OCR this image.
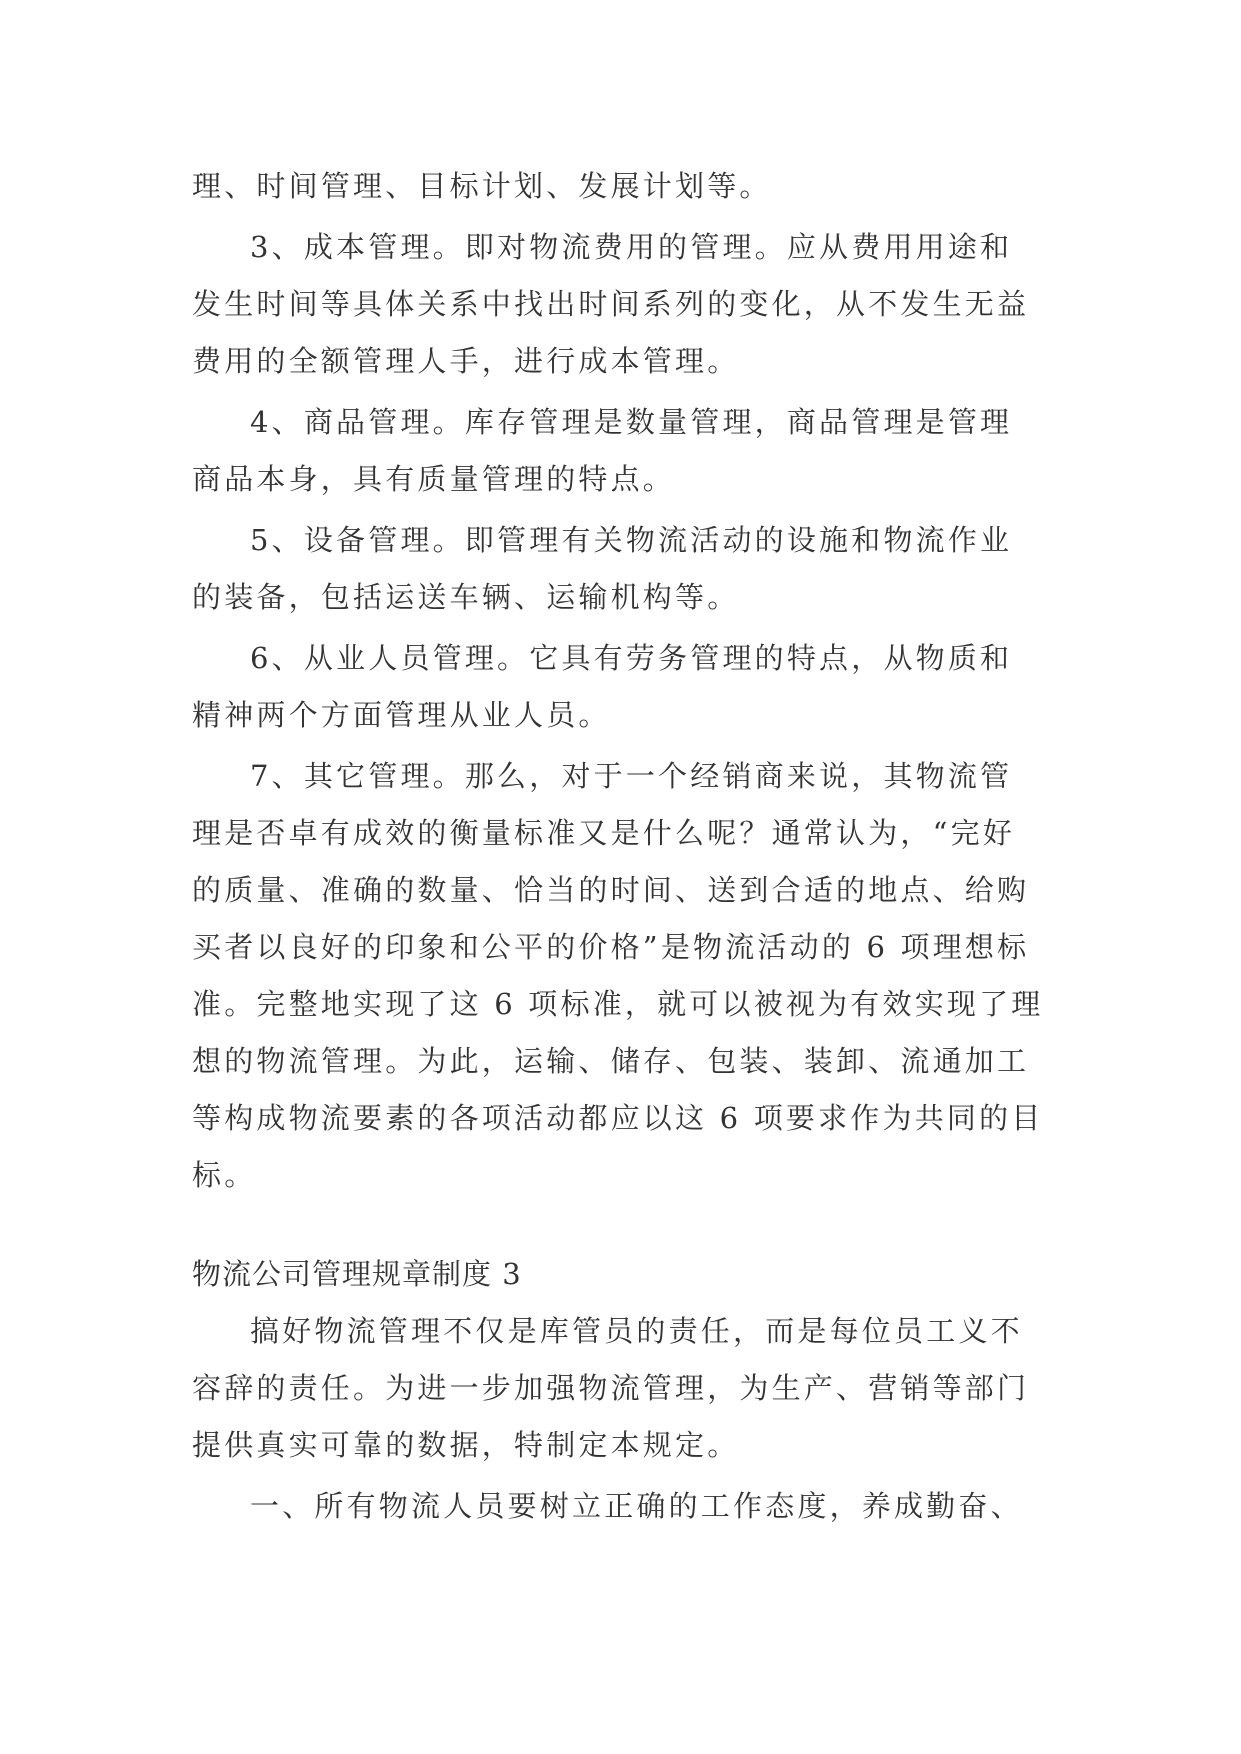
理、时间管理、目标计划、发展计划等。
3、成本管理。即对物流费用的管理。应从费用用途和
发生时间等具体关系中找出时间系列的变化，从不发生无益
费用的全额管理人手，进行成本管理。
4、商品管理。库存管理是数量管理，商品管理是管理
商品本身，具有质量管理的特点。
5、设备管理。即管理有关物流活动的设施和物流作业
的装备，包括运送车辆、运输机构等。
6、从业人员管理。它具有劳务管理的特点，从物质和
精神两个方面管理从业人员。
7、其它管理。那么，对于一个经销商来说，其物流管
理是否卓有成效的衡量标准又是什么呢？通常认为，“完好
的质量、准确的数量、恰当的时间、送到合适的地点、给购
买者以良好的印象和公平的价格”是物流活动的 6 项理想标
准。完整地实现了这 6 项标准，就可以被视为有效实现了理
想的物流管理。为此，运输、储存、包装、装卸、流通加工
等构成物流要素的各项活动都应以这 6 项要求作为共同的目
标。
物流公司管理规章制度 3
搞好物流管理不仅是库管员的责任，而是每位员工义不
容辞的责任。为进一步加强物流管理，为生产、营销等部门
提供真实可靠的数据，特制定本规定。
一、所有物流人员要树立正确的工作态度，养成勤奋、
